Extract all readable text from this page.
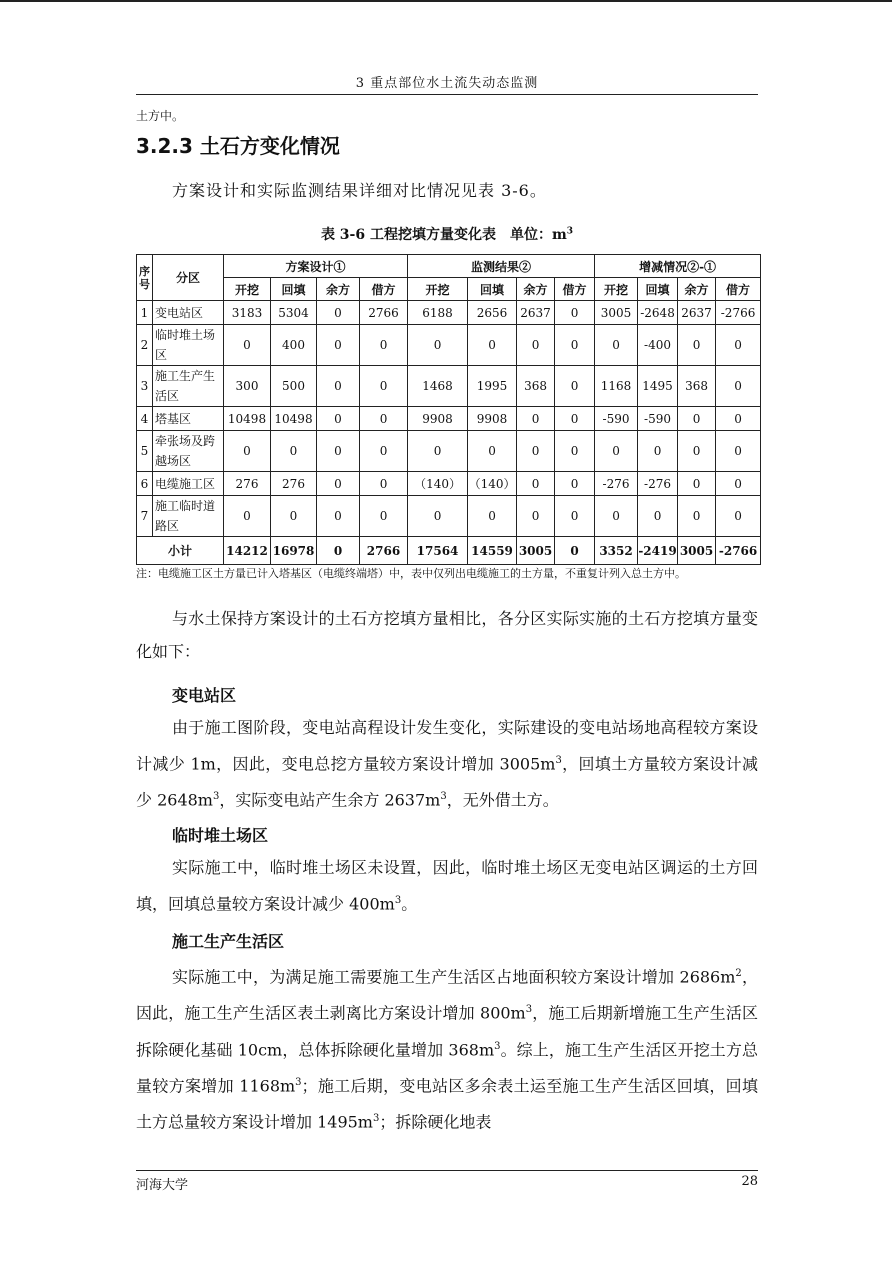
3 重点部位水土流失动态监测
土方中。
3.2.3 土石方变化情况
方案设计和实际监测结果详细对比情况见表 3-6。
表 3-6 工程挖填方量变化表　单位：$m^3$
序号	分区	方案设计①				监测结果②				增减情况②-①			
		开挖	回填	余方	借方	开挖	回填	余方	借方	开挖	回填	余方	借方
1	变电站区	3183	5304	0	2766	6188	2656	2637	0	3005	-2648	2637	-2766
2	临时堆土场区	0	400	0	0	0	0	0	0	0	-400	0	0
3	施工生产生活区	300	500	0	0	1468	1995	368	0	1168	1495	368	0
4	塔基区	10498	10498	0	0	9908	9908	0	0	-590	-590	0	0
5	牵张场及跨越场区	0	0	0	0	0	0	0	0	0	0	0	0
6	电缆施工区	276	276	0	0	（140）	（140）	0	0	-276	-276	0	0
7	施工临时道路区	0	0	0	0	0	0	0	0	0	0	0	0
小计		14212	16978	0	2766	17564	14559	3005	0	3352	-2419	3005	-2766
注：电缆施工区土方量已计入塔基区（电缆终端塔）中，表中仅列出电缆施工的土方量，不重复计列入总土方中。

与水土保持方案设计的土石方挖填方量相比，各分区实际实施的土石方挖填方量变化如下：

变电站区

由于施工图阶段，变电站高程设计发生变化，实际建设的变电站场地高程较方案设计减少 1m，因此，变电总挖方量较方案设计增加 $3005m^3$，回填土方量较方案设计减少 $2648m^3$，实际变电站产生余方 $2637m^3$，无外借土方。

临时堆土场区

实际施工中，临时堆土场区未设置，因此，临时堆土场区无变电站区调运的土方回填，回填总量较方案设计减少 $400m^3$。

施工生产生活区

实际施工中，为满足施工需要施工生产生活区占地面积较方案设计增加 $2686m^2$，因此，施工生产生活区表土剥离比方案设计增加 $800m^3$，施工后期新增施工生产生活区拆除硬化基础 10cm，总体拆除硬化量增加 $368m^3$。综上，施工生产生活区开挖土方总量较方案增加 $1168m^3$；施工后期，变电站区多余表土运至施工生产生活区回填，回填土方总量较方案设计增加 $1495m^3$；拆除硬化地表

河海大学	28
